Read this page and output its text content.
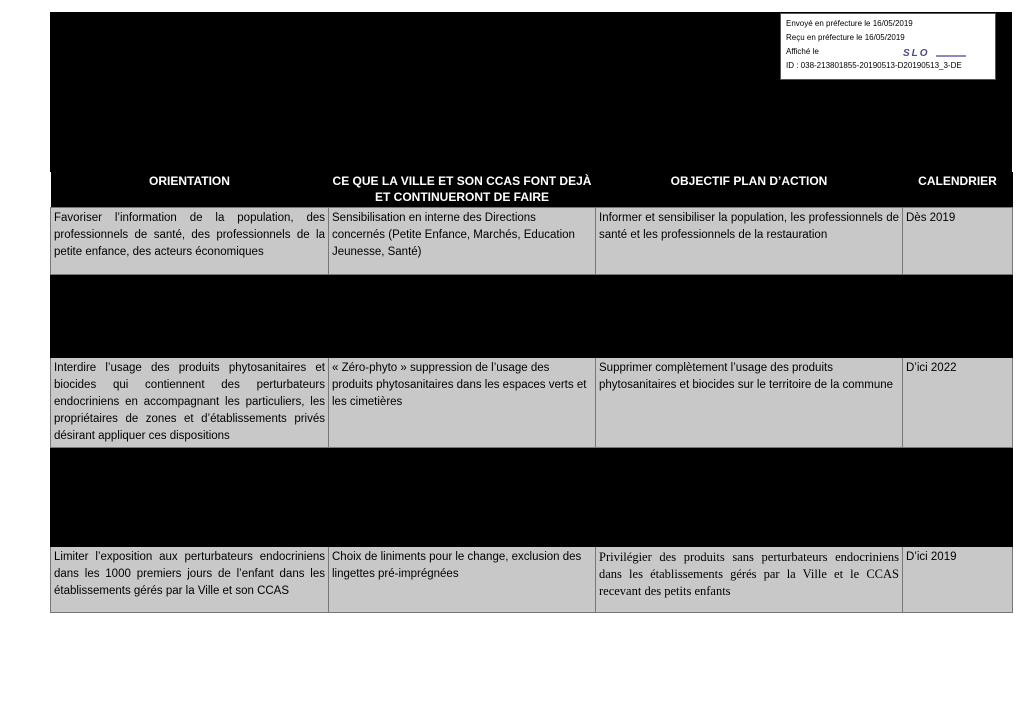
Envoyé en préfecture le 16/05/2019
Reçu en préfecture le 16/05/2019
Affiché le
ID : 038-213801855-20190513-D20190513_3-DE
SLO
ORIENTATION	CE QUE LA VILLE ET SON CCAS FONT DEJÀ ET CONTINUERONT DE FAIRE	OBJECTIF PLAN D’ACTION	CALENDRIER
Favoriser l’information de la population, des professionnels de santé, des professionnels de la petite enfance, des acteurs économiques	Sensibilisation en interne des Directions concernés (Petite Enfance, Marchés, Education Jeunesse, Santé)	Informer et sensibiliser la population, les professionnels de santé et les professionnels de la restauration	Dès 2019

Interdire l’usage des produits phytosanitaires et biocides qui contiennent des perturbateurs endocriniens en accompagnant les particuliers, les propriétaires de zones et d’établissements privés désirant appliquer ces dispositions	« Zéro-phyto » suppression de l’usage des produits phytosanitaires dans les espaces verts et les cimetières	Supprimer complètement l’usage des produits phytosanitaires et biocides sur le territoire de la commune	D’ici 2022

Limiter l’exposition aux perturbateurs endocriniens dans les 1000 premiers jours de l’enfant dans les établissements gérés par la Ville et son CCAS	Choix de liniments pour le change, exclusion des lingettes pré-imprégnées	Privilégier des produits sans perturbateurs endocriniens dans les établissements gérés par la Ville et le CCAS recevant des petits enfants	D’ici 2019
